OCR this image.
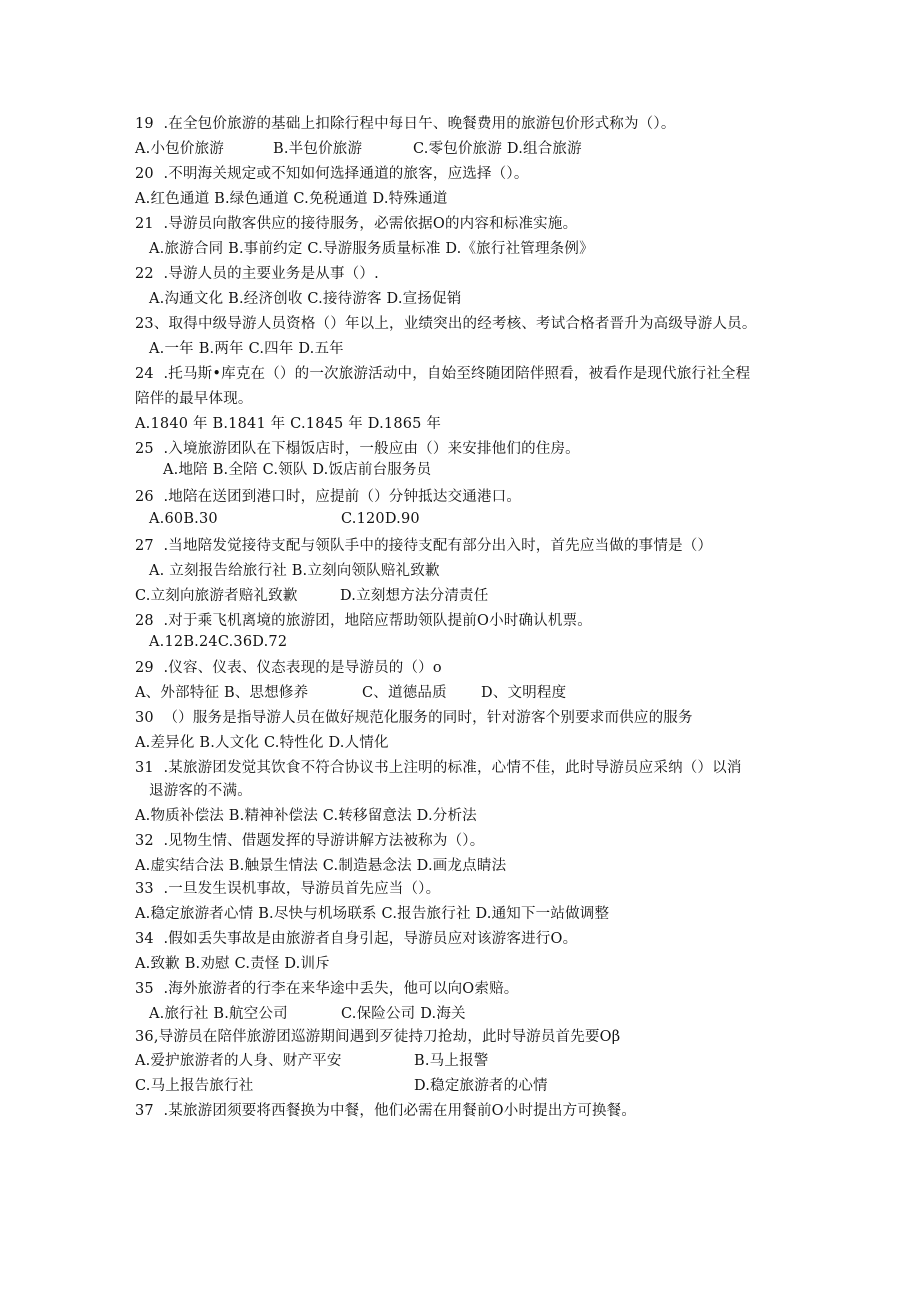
19  .在全包价旅游的基础上扣除行程中每日午、晚餐费用的旅游包价形式称为（）。

A.小包价旅游

	B.半包价旅游

	C.零包价旅游 D.组合旅游

20  .不明海关规定或不知如何选择通道的旅客，应选择（）。
A.红色通道 B.绿色通道 C.免税通道 D.特殊通道
21  .导游员向散客供应的接待服务，必需依据O的内容和标准实施。
A.旅游合同 B.事前约定 C.导游服务质量标准 D.《旅行社管理条例》
22  .导游人员的主要业务是从事（）.
A.沟通文化 B.经济创收 C.接待游客 D.宣扬促销
23、取得中级导游人员资格（）年以上，业绩突出的经考核、考试合格者晋升为高级导游人员。
A.一年 B.两年 C.四年 D.五年
24  .托马斯•库克在（）的一次旅游活动中，自始至终随团陪伴照看，被看作是现代旅行社全程
陪伴的最早体现。
A.1840 年 B.1841 年 C.1845 年 D.1865 年
25  .入境旅游团队在下榻饭店时，一般应由（）来安排他们的住房。
A.地陪 B.全陪 C.领队 D.饭店前台服务员
26  .地陪在送团到港口时，应提前（）分钟抵达交通港口。

A.60B.30

	C.120D.90

27  .当地陪发觉接待支配与领队手中的接待支配有部分出入时，首先应当做的事情是（）
A. 立刻报告给旅行社 B.立刻向领队赔礼致歉

C.立刻向旅游者赔礼致歉

	D.立刻想方法分清责任

28  .对于乘飞机离境的旅游团，地陪应帮助领队提前O小时确认机票。
A.12B.24C.36D.72
29  .仪容、仪表、仪态表现的是导游员的（）o

A、外部特征 B、思想修养

	C、道德品质

D、文明程度

30  （）服务是指导游人员在做好规范化服务的同时，针对游客个别要求而供应的服务
A.差异化 B.人文化 C.特性化 D.人情化
31  .某旅游团发觉其饮食不符合协议书上注明的标准，心情不佳，此时导游员应采纳（）以消
退游客的不满。
A.物质补偿法 B.精神补偿法 C.转移留意法 D.分析法
32  .见物生情、借题发挥的导游讲解方法被称为（）。
A.虚实结合法 B.触景生情法 C.制造悬念法 D.画龙点睛法
33  .一旦发生误机事故，导游员首先应当（）。
A.稳定旅游者心情 B.尽快与机场联系 C.报告旅行社 D.通知下一站做调整
34  .假如丢失事故是由旅游者自身引起，导游员应对该游客进行O。
A.致歉 B.劝慰 C.责怪 D.训斥
35  .海外旅游者的行李在来华途中丢失，他可以向O索赔。

A.旅行社 B.航空公司

	C.保险公司 D.海关

36,导游员在陪伴旅游团巡游期间遇到歹徒持刀抢劫，此时导游员首先要Oβ

A.爱护旅游者的人身、财产平安

	B.马上报警

C.马上报告旅行社

	D.稳定旅游者的心情

37  .某旅游团须要将西餐换为中餐，他们必需在用餐前O小时提出方可换餐。
